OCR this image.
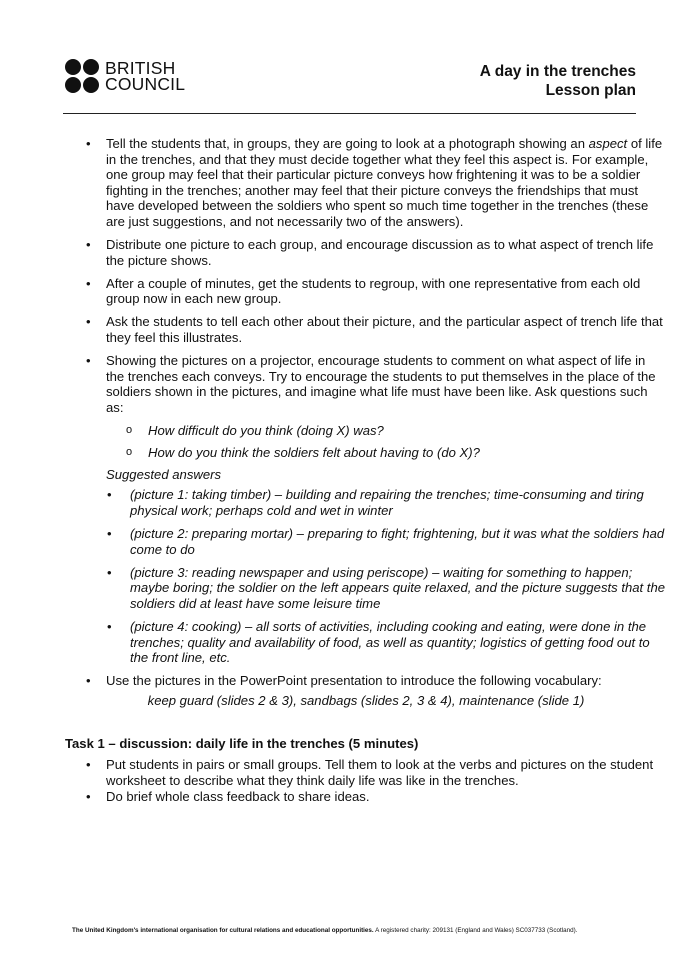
BRITISH
COUNCIL
A day in the trenches
Lesson plan
• Tell the students that, in groups, they are going to look at a photograph showing an aspect of life in the trenches, and that they must decide together what they feel this aspect is. For example, one group may feel that their particular picture conveys how frightening it was to be a soldier fighting in the trenches; another may feel that their picture conveys the friendships that must have developed between the soldiers who spent so much time together in the trenches (these are just suggestions, and not necessarily two of the answers).
• Distribute one picture to each group, and encourage discussion as to what aspect of trench life the picture shows.
• After a couple of minutes, get the students to regroup, with one representative from each old group now in each new group.
• Ask the students to tell each other about their picture, and the particular aspect of trench life that they feel this illustrates.
• Showing the pictures on a projector, encourage students to comment on what aspect of life in the trenches each conveys. Try to encourage the students to put themselves in the place of the soldiers shown in the pictures, and imagine what life must have been like. Ask questions such as:
o How difficult do you think (doing X) was?
o How do you think the soldiers felt about having to (do X)?
Suggested answers
• (picture 1: taking timber) – building and repairing the trenches; time-consuming and tiring physical work; perhaps cold and wet in winter
• (picture 2: preparing mortar) – preparing to fight; frightening, but it was what the soldiers had come to do
• (picture 3: reading newspaper and using periscope) – waiting for something to happen; maybe boring; the soldier on the left appears quite relaxed, and the picture suggests that the soldiers did at least have some leisure time
• (picture 4: cooking) – all sorts of activities, including cooking and eating, were done in the trenches; quality and availability of food, as well as quantity; logistics of getting food out to the front line, etc.
• Use the pictures in the PowerPoint presentation to introduce the following vocabulary:
keep guard (slides 2 & 3), sandbags (slides 2, 3 & 4), maintenance (slide 1)
Task 1 – discussion: daily life in the trenches (5 minutes)
• Put students in pairs or small groups. Tell them to look at the verbs and pictures on the student worksheet to describe what they think daily life was like in the trenches.
• Do brief whole class feedback to share ideas.
The United Kingdom's international organisation for cultural relations and educational opportunities. A registered charity: 209131 (England and Wales) SC037733 (Scotland).
